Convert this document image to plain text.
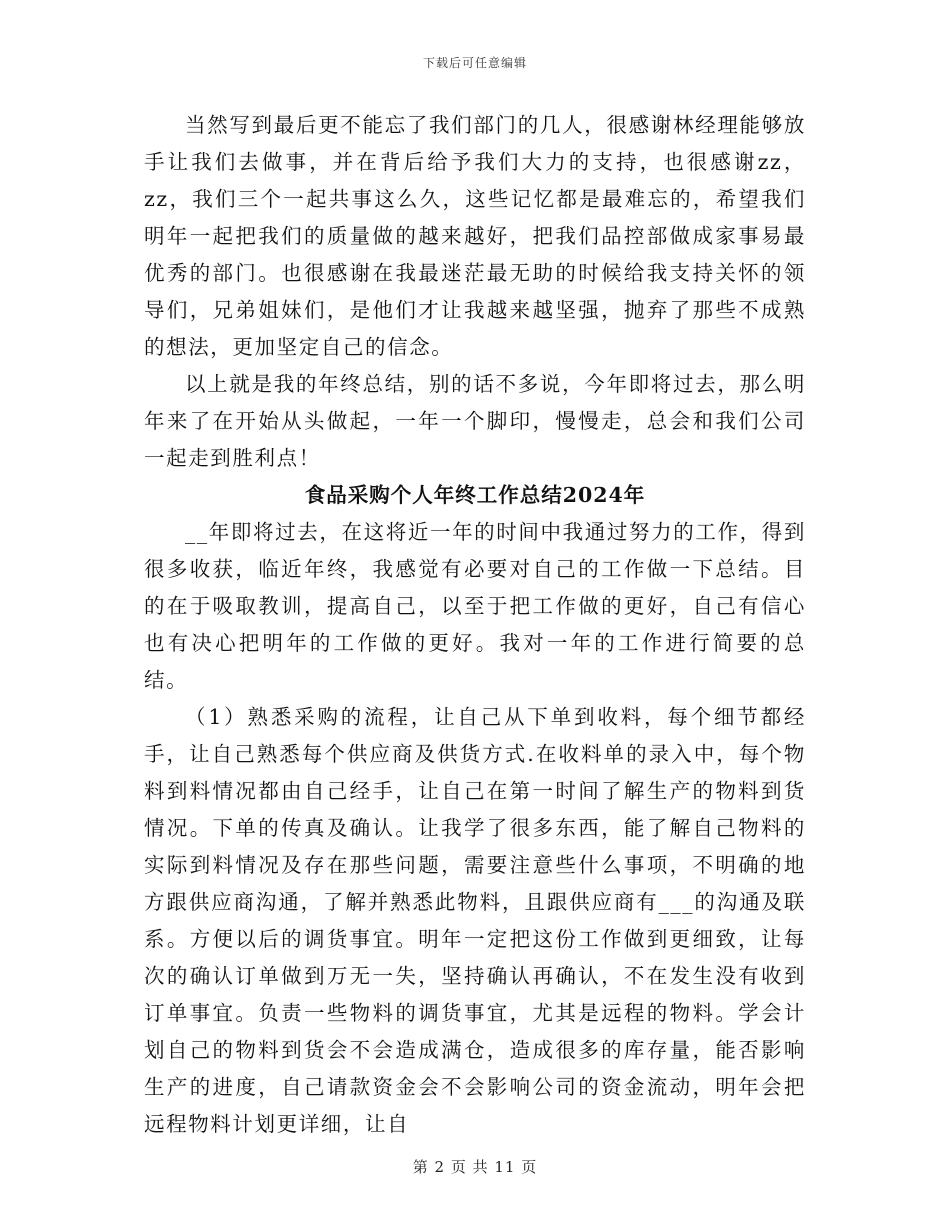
下载后可任意编辑

当然写到最后更不能忘了我们部门的几人，很感谢林经理能够放手让我们去做事，并在背后给予我们大力的支持，也很感谢zz，zz，我们三个一起共事这么久，这些记忆都是最难忘的，希望我们明年一起把我们的质量做的越来越好，把我们品控部做成家事易最优秀的部门。也很感谢在我最迷茫最无助的时候给我支持关怀的领导们，兄弟姐妹们，是他们才让我越来越坚强，抛弃了那些不成熟的想法，更加坚定自己的信念。

以上就是我的年终总结，别的话不多说，今年即将过去，那么明年来了在开始从头做起，一年一个脚印，慢慢走，总会和我们公司一起走到胜利点！

食品采购个人年终工作总结2024年

__年即将过去，在这将近一年的时间中我通过努力的工作，得到很多收获，临近年终，我感觉有必要对自己的工作做一下总结。目的在于吸取教训，提高自己，以至于把工作做的更好，自己有信心也有决心把明年的工作做的更好。我对一年的工作进行简要的总结。

（1）熟悉采购的流程，让自己从下单到收料，每个细节都经手，让自己熟悉每个供应商及供货方式.在收料单的录入中，每个物料到料情况都由自己经手，让自己在第一时间了解生产的物料到货情况。下单的传真及确认。让我学了很多东西，能了解自己物料的实际到料情况及存在那些问题，需要注意些什么事项，不明确的地方跟供应商沟通，了解并熟悉此物料，且跟供应商有___的沟通及联系。方便以后的调货事宜。明年一定把这份工作做到更细致，让每次的确认订单做到万无一失，坚持确认再确认，不在发生没有收到订单事宜。负责一些物料的调货事宜，尤其是远程的物料。学会计划自己的物料到货会不会造成满仓，造成很多的库存量，能否影响生产的进度，自己请款资金会不会影响公司的资金流动，明年会把远程物料计划更详细，让自

第 2 页 共 11 页
